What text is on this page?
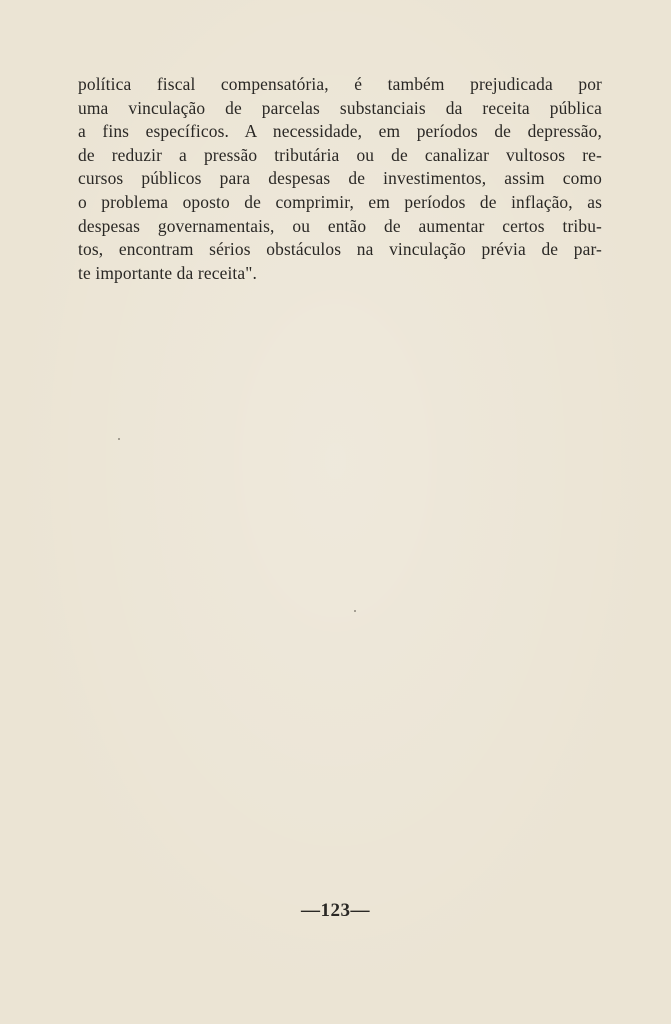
política fiscal compensatória, é também prejudicada por
uma vinculação de parcelas substanciais da receita pública
a fins específicos. A necessidade, em períodos de depressão,
de reduzir a pressão tributária ou de canalizar vultosos re-
cursos públicos para despesas de investimentos, assim como
o problema oposto de comprimir, em períodos de inflação, as
despesas governamentais, ou então de aumentar certos tribu-
tos, encontram sérios obstáculos na vinculação prévia de par-
te importante da receita".
—123—
